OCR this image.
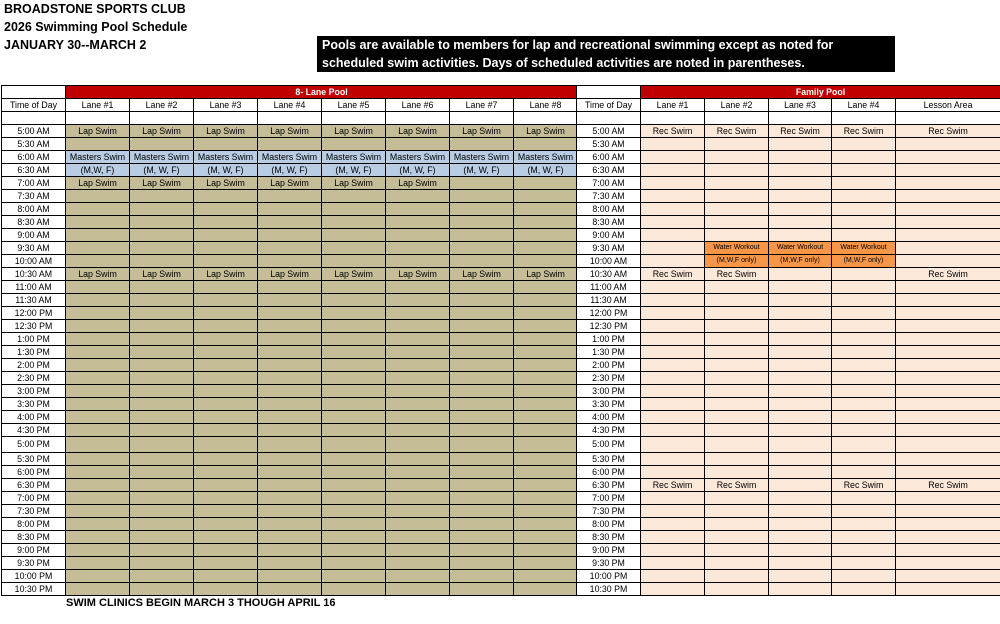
BROADSTONE SPORTS CLUB
2026 Swimming Pool Schedule
JANUARY 30--MARCH 2	Pools are available to members for lap and recreational swimming except as noted for
scheduled swim activities. Days of scheduled activities are noted in parentheses.
	8- Lane Pool							
Time of Day	Lane #1	Lane #2	Lane #3	Lane #4	Lane #5	Lane #6	Lane #7	Lane #8

5:00 AM	Lap Swim	Lap Swim	Lap Swim	Lap Swim	Lap Swim	Lap Swim	Lap Swim	Lap Swim
5:30 AM								
6:00 AM	Masters Swim	Masters Swim	Masters Swim	Masters Swim	Masters Swim	Masters Swim	Masters Swim	Masters Swim
6:30 AM	(M,W, F)	(M, W, F)	(M, W, F)	(M, W, F)	(M, W, F)	(M, W, F)	(M, W, F)	(M, W, F)
7:00 AM	Lap Swim	Lap Swim	Lap Swim	Lap Swim	Lap Swim	Lap Swim		
7:30 AM								
8:00 AM								
8:30 AM								
9:00 AM								
9:30 AM								
10:00 AM								
10:30 AM	Lap Swim	Lap Swim	Lap Swim	Lap Swim	Lap Swim	Lap Swim	Lap Swim	Lap Swim
11:00 AM								
11:30 AM								
12:00 PM								
12:30 PM								
1:00 PM								
1:30 PM								
2:00 PM								
2:30 PM								
3:00 PM								
3:30 PM								
4:00 PM								
4:30 PM								
5:00 PM								
5:30 PM								
6:00 PM								
6:30 PM								
7:00 PM								
7:30 PM								
8:00 PM								
8:30 PM								
9:00 PM								
9:30 PM								
10:00 PM								
10:30 PM								
	Family Pool				
Time of Day	Lane #1	Lane #2	Lane #3	Lane #4	Lesson Area

5:00 AM	Rec Swim	Rec Swim	Rec Swim	Rec Swim	Rec Swim
5:30 AM					
6:00 AM					
6:30 AM					
7:00 AM					
7:30 AM					
8:00 AM					
8:30 AM					
9:00 AM					
9:30 AM		Water Workout	Water Workout	Water Workout	
10:00 AM		(M,W,F only)	(M,W,F only)	(M,W,F only)	
10:30 AM	Rec Swim	Rec Swim			Rec Swim
11:00 AM					
11:30 AM					
12:00 PM					
12:30 PM					
1:00 PM					
1:30 PM					
2:00 PM					
2:30 PM					
3:00 PM					
3:30 PM					
4:00 PM					
4:30 PM					
5:00 PM					
5:30 PM					
6:00 PM					
6:30 PM	Rec Swim	Rec Swim		Rec Swim	Rec Swim
7:00 PM					
7:30 PM					
8:00 PM					
8:30 PM					
9:00 PM					
9:30 PM					
10:00 PM					
10:30 PM					
SWIM CLINICS BEGIN MARCH 3 THOUGH APRIL 16
